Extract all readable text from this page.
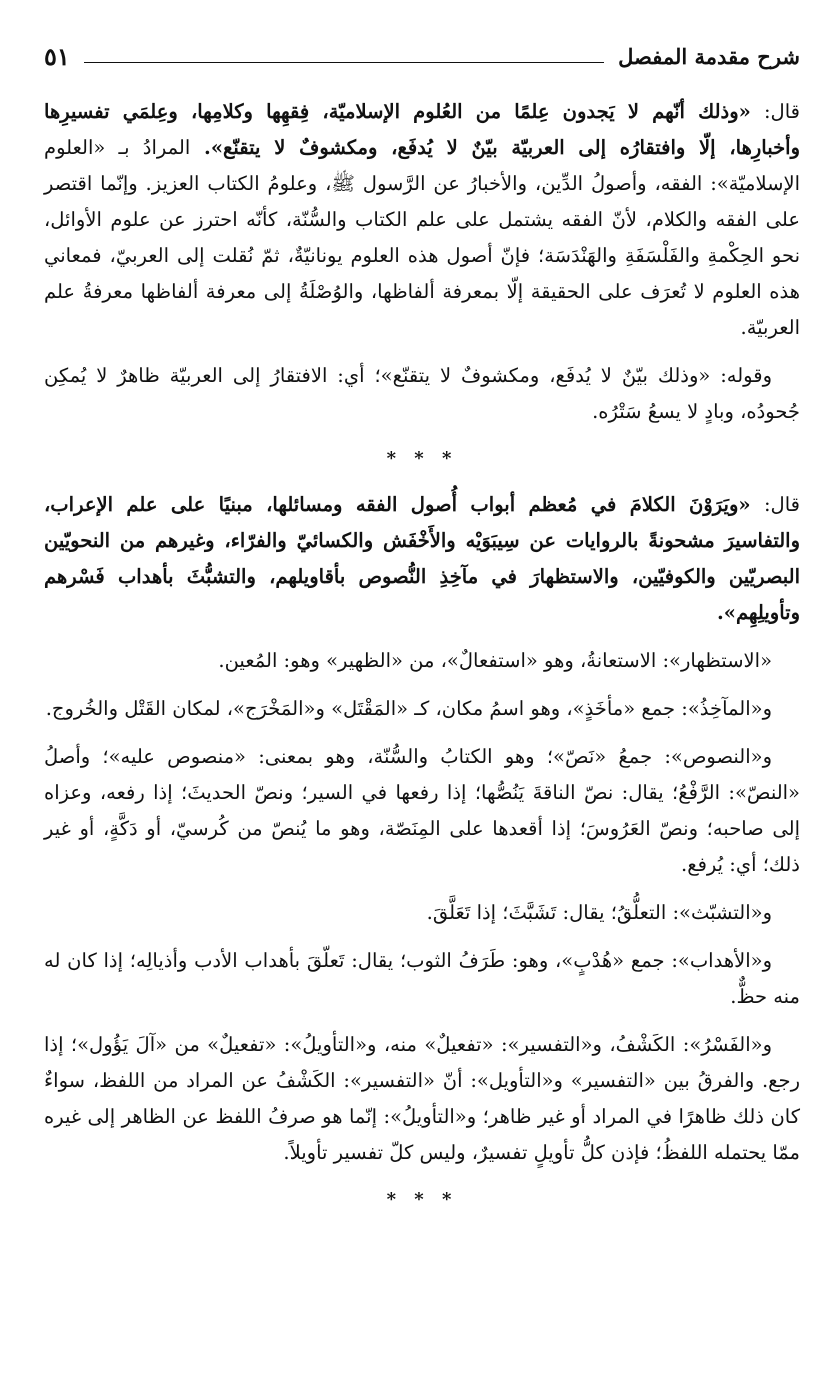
شرح مقدمة المفصل
٥١

قال: «وذلك أنّهم لا يَجدون عِلمًا من العُلوم الإسلاميّة، فِقهِها وكلامِها، وعِلمَي تفسيرِها وأخبارِها، إلّا وافتقارُه إلى العربيّة بيّنٌ لا يُدفَع، ومكشوفٌ لا يتقنّع». المرادُ بـ «العلوم الإسلاميّة»: الفقه، وأصولُ الدِّين، والأخبارُ عن الرَّسول ﷺ، وعلومُ الكتاب العزيز. وإنّما اقتصر على الفقه والكلام، لأنّ الفقه يشتمل على علم الكتاب والسُّنّة، كأنّه احترز عن علوم الأوائل، نحو الحِكْمةِ والفَلْسَفَةِ والهَنْدَسَة؛ فإنّ أصول هذه العلوم يونانيّةٌ، ثمّ نُقلت إلى العربيّ، فمعاني هذه العلوم لا تُعرَف على الحقيقة إلّا بمعرفة ألفاظها، والوُصْلَةُ إلى معرفة ألفاظها معرفةُ علم العربيّة.

وقوله: «وذلك بيّنٌ لا يُدفَع، ومكشوفٌ لا يتقنّع»؛ أي: الافتقارُ إلى العربيّة ظاهرٌ لا يُمكِن جُحودُه، وبادٍ لا يسعُ سَتْرُه.

* * *

قال: «ويَرَوْنَ الكلامَ في مُعظم أبواب أُصول الفقه ومسائلها، مبنيًا على علم الإعراب، والتفاسيرَ مشحونةً بالروايات عن سِيبَوَيْه والأَخْفَش والكسائيّ والفرّاء، وغيرهم من النحويّين البصريّين والكوفيّين، والاستظهارَ في مآخِذِ النُّصوص بأقاويلهم، والتشبُّثَ بأهداب فَسْرهم وتأويلِهِم».

«الاستظهار»: الاستعانةُ، وهو «استفعالٌ»، من «الظهير» وهو: المُعين.

و«المآخِذُ»: جمع «مأخَذٍ»، وهو اسمُ مكان، كـ «المَقْتَل» و«المَخْرَج»، لمكان القَتْل والخُروج.

و«النصوص»: جمعُ «نَصّ»؛ وهو الكتابُ والسُّنّة، وهو بمعنى: «منصوص عليه»؛ وأصلُ «النصّ»: الرَّفْعُ؛ يقال: نصّ الناقةَ يَنُصُّها؛ إذا رفعها في السير؛ ونصّ الحديثَ؛ إذا رفعه، وعزاه إلى صاحبه؛ ونصّ العَرُوسَ؛ إذا أقعدها على المِنَصّة، وهو ما يُنصّ من كُرسيّ، أو دَكَّةٍ، أو غير ذلك؛ أي: يُرفع.

و«التشبّث»: التعلُّقُ؛ يقال: تَشَبَّثَ؛ إذا تَعَلَّقَ.

و«الأهداب»: جمع «هُدْبٍ»، وهو: طَرَفُ الثوب؛ يقال: تَعلّقَ بأهداب الأدب وأذيالِه؛ إذا كان له منه حظٌّ.

و«الفَسْرُ»: الكَشْفُ، و«التفسير»: «تفعيلٌ» منه، و«التأويلُ»: «تفعيلٌ» من «آلَ يَؤُول»؛ إذا رجع. والفرقُ بين «التفسير» و«التأويل»: أنّ «التفسير»: الكَشْفُ عن المراد من اللفظ، سواءٌ كان ذلك ظاهرًا في المراد أو غير ظاهر؛ و«التأويلُ»: إنّما هو صرفُ اللفظ عن الظاهر إلى غيره ممّا يحتمله اللفظُ؛ فإذن كلُّ تأويلٍ تفسيرٌ، وليس كلّ تفسير تأويلاً.

* * *
